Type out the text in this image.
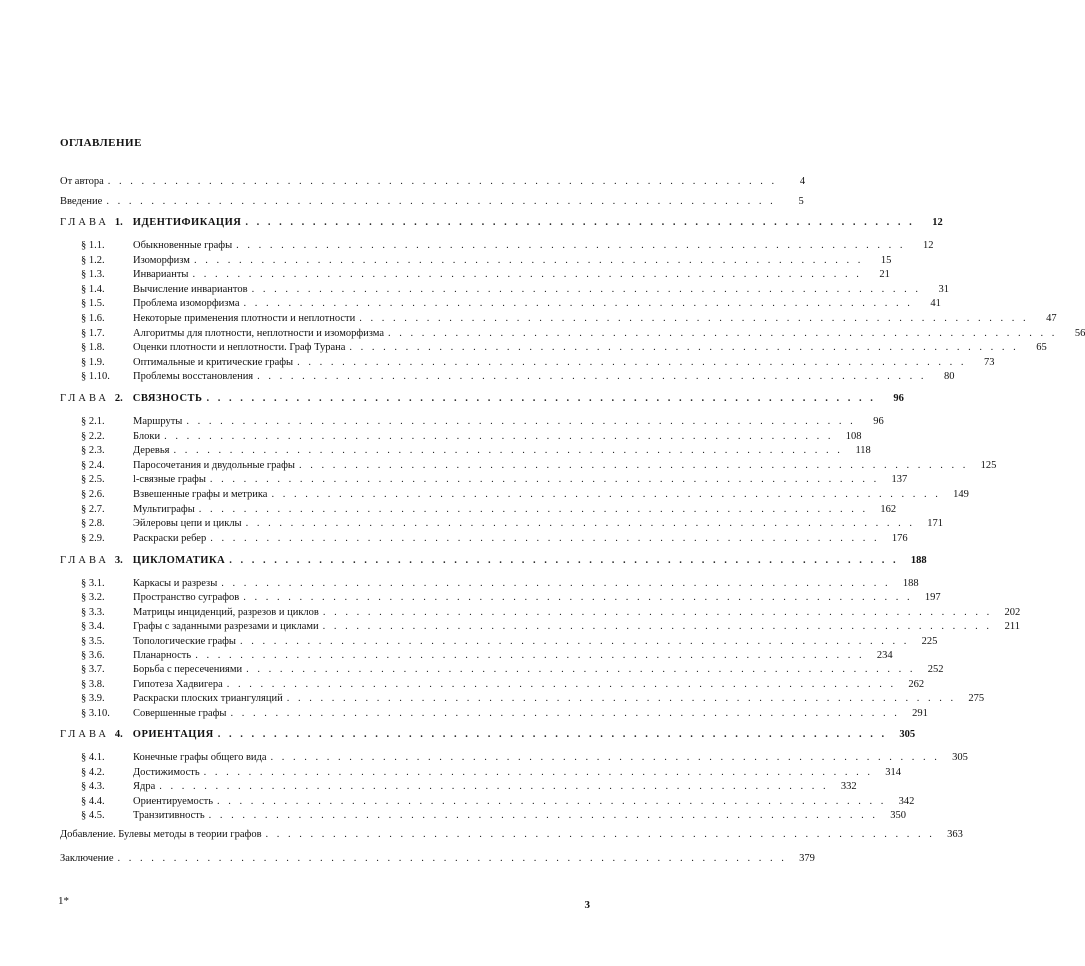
ОГЛАВЛЕНИЕ
От автора . . . . . . . . . . . . . . . . . . . . . . . . . . . . . . . . . . . . . . . . . . . . . . . . . . . . . . . . . . . .	4
Введение . . . . . . . . . . . . . . . . . . . . . . . . . . . . . . . . . . . . . . . . . . . . . . . . . . . . . . . . . . . .	5
ГЛАВА 1. ИДЕНТИФИКАЦИЯ . . . . . . . . . . . . . . . . . . . . . . . . . . . . . . . . . . . . . . . . . . . . . . . . . . . . . . . . . . . .	12
§ 1.1.	Обыкновенные графы . . . . . . . . . . . . . . . . . . . . . . . . . . . . . . . . . . . . . . . . . . . . . . . . . . . . . . . . . . . .	12
§ 1.2.	Изоморфизм . . . . . . . . . . . . . . . . . . . . . . . . . . . . . . . . . . . . . . . . . . . . . . . . . . . . . . . . . . . .	15
§ 1.3.	Инварианты . . . . . . . . . . . . . . . . . . . . . . . . . . . . . . . . . . . . . . . . . . . . . . . . . . . . . . . . . . . .	21
§ 1.4.	Вычисление инвариантов . . . . . . . . . . . . . . . . . . . . . . . . . . . . . . . . . . . . . . . . . . . . . . . . . . . . . . . . . . . .	31
§ 1.5.	Проблема изоморфизма . . . . . . . . . . . . . . . . . . . . . . . . . . . . . . . . . . . . . . . . . . . . . . . . . . . . . . . . . . . .	41
§ 1.6.	Некоторые применения плотности и неплотности . . . . . . . . . . . . . . . . . . . . . . . . . . . . . . . . . . . . . . . . . . . . . . . . . . . . . . . . . . . .	47
§ 1.7.	Алгоритмы для плотности, неплотности и изоморфизма . . . . . . . . . . . . . . . . . . . . . . . . . . . . . . . . . . . . . . . . . . . . . . . . . . . . . . . . . . . .	56
§ 1.8.	Оценки плотности и неплотности. Граф Турана . . . . . . . . . . . . . . . . . . . . . . . . . . . . . . . . . . . . . . . . . . . . . . . . . . . . . . . . . . . .	65
§ 1.9.	Оптимальные и критические графы . . . . . . . . . . . . . . . . . . . . . . . . . . . . . . . . . . . . . . . . . . . . . . . . . . . . . . . . . . . .	73
§ 1.10.	Проблемы восстановления . . . . . . . . . . . . . . . . . . . . . . . . . . . . . . . . . . . . . . . . . . . . . . . . . . . . . . . . . . . .	80
ГЛАВА 2. СВЯЗНОСТЬ . . . . . . . . . . . . . . . . . . . . . . . . . . . . . . . . . . . . . . . . . . . . . . . . . . . . . . . . . . . .	96
§ 2.1.	Маршруты . . . . . . . . . . . . . . . . . . . . . . . . . . . . . . . . . . . . . . . . . . . . . . . . . . . . . . . . . . . .	96
§ 2.2.	Блоки . . . . . . . . . . . . . . . . . . . . . . . . . . . . . . . . . . . . . . . . . . . . . . . . . . . . . . . . . . . .	108
§ 2.3.	Деревья . . . . . . . . . . . . . . . . . . . . . . . . . . . . . . . . . . . . . . . . . . . . . . . . . . . . . . . . . . . .	118
§ 2.4.	Паросочетания и двудольные графы . . . . . . . . . . . . . . . . . . . . . . . . . . . . . . . . . . . . . . . . . . . . . . . . . . . . . . . . . . . .	125
§ 2.5.	l-связные графы . . . . . . . . . . . . . . . . . . . . . . . . . . . . . . . . . . . . . . . . . . . . . . . . . . . . . . . . . . . .	137
§ 2.6.	Взвешенные графы и метрика . . . . . . . . . . . . . . . . . . . . . . . . . . . . . . . . . . . . . . . . . . . . . . . . . . . . . . . . . . . .	149
§ 2.7.	Мультиграфы . . . . . . . . . . . . . . . . . . . . . . . . . . . . . . . . . . . . . . . . . . . . . . . . . . . . . . . . . . . .	162
§ 2.8.	Эйлеровы цепи и циклы . . . . . . . . . . . . . . . . . . . . . . . . . . . . . . . . . . . . . . . . . . . . . . . . . . . . . . . . . . . .	171
§ 2.9.	Раскраски ребер . . . . . . . . . . . . . . . . . . . . . . . . . . . . . . . . . . . . . . . . . . . . . . . . . . . . . . . . . . . .	176
ГЛАВА 3. ЦИКЛОМАТИКА . . . . . . . . . . . . . . . . . . . . . . . . . . . . . . . . . . . . . . . . . . . . . . . . . . . . . . . . . . . .	188
§ 3.1.	Каркасы и разрезы . . . . . . . . . . . . . . . . . . . . . . . . . . . . . . . . . . . . . . . . . . . . . . . . . . . . . . . . . . . .	188
§ 3.2.	Пространство суграфов . . . . . . . . . . . . . . . . . . . . . . . . . . . . . . . . . . . . . . . . . . . . . . . . . . . . . . . . . . . .	197
§ 3.3.	Матрицы инциденций, разрезов и циклов . . . . . . . . . . . . . . . . . . . . . . . . . . . . . . . . . . . . . . . . . . . . . . . . . . . . . . . . . . . .	202
§ 3.4.	Графы с заданными разрезами и циклами . . . . . . . . . . . . . . . . . . . . . . . . . . . . . . . . . . . . . . . . . . . . . . . . . . . . . . . . . . . .	211
§ 3.5.	Топологические графы . . . . . . . . . . . . . . . . . . . . . . . . . . . . . . . . . . . . . . . . . . . . . . . . . . . . . . . . . . . .	225
§ 3.6.	Планарность . . . . . . . . . . . . . . . . . . . . . . . . . . . . . . . . . . . . . . . . . . . . . . . . . . . . . . . . . . . .	234
§ 3.7.	Борьба с пересечениями . . . . . . . . . . . . . . . . . . . . . . . . . . . . . . . . . . . . . . . . . . . . . . . . . . . . . . . . . . . .	252
§ 3.8.	Гипотеза Хадвигера . . . . . . . . . . . . . . . . . . . . . . . . . . . . . . . . . . . . . . . . . . . . . . . . . . . . . . . . . . . .	262
§ 3.9.	Раскраски плоских триангуляций . . . . . . . . . . . . . . . . . . . . . . . . . . . . . . . . . . . . . . . . . . . . . . . . . . . . . . . . . . . .	275
§ 3.10.	Совершенные графы . . . . . . . . . . . . . . . . . . . . . . . . . . . . . . . . . . . . . . . . . . . . . . . . . . . . . . . . . . . .	291
ГЛАВА 4. ОРИЕНТАЦИЯ . . . . . . . . . . . . . . . . . . . . . . . . . . . . . . . . . . . . . . . . . . . . . . . . . . . . . . . . . . . .	305
§ 4.1.	Конечные графы общего вида . . . . . . . . . . . . . . . . . . . . . . . . . . . . . . . . . . . . . . . . . . . . . . . . . . . . . . . . . . . .	305
§ 4.2.	Достижимость . . . . . . . . . . . . . . . . . . . . . . . . . . . . . . . . . . . . . . . . . . . . . . . . . . . . . . . . . . . .	314
§ 4.3.	Ядра . . . . . . . . . . . . . . . . . . . . . . . . . . . . . . . . . . . . . . . . . . . . . . . . . . . . . . . . . . . .	332
§ 4.4.	Ориентируемость . . . . . . . . . . . . . . . . . . . . . . . . . . . . . . . . . . . . . . . . . . . . . . . . . . . . . . . . . . . .	342
§ 4.5.	Транзитивность . . . . . . . . . . . . . . . . . . . . . . . . . . . . . . . . . . . . . . . . . . . . . . . . . . . . . . . . . . . .	350
Добавление. Булевы методы в теории графов . . . . . . . . . . . . . . . . . . . . . . . . . . . . . . . . . . . . . . . . . . . . . . . . . . . . . . . . . . . .	363
Заключение . . . . . . . . . . . . . . . . . . . . . . . . . . . . . . . . . . . . . . . . . . . . . . . . . . . . . . . . . . . .	379
1*	3
